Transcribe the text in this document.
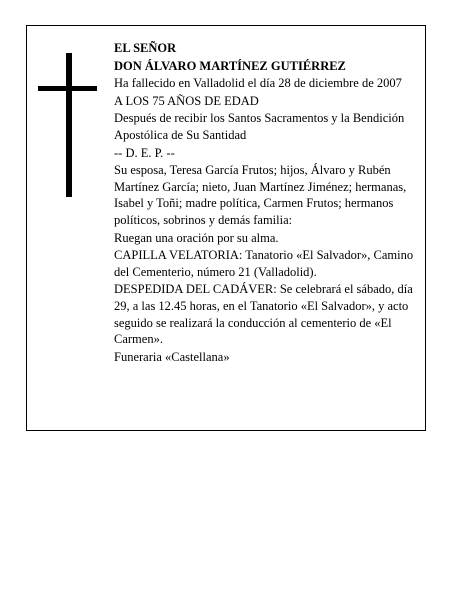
EL SEÑOR

DON ÁLVARO MARTÍNEZ GUTIÉRREZ

Ha fallecido en Valladolid el día 28 de diciembre de 2007

A LOS 75 AÑOS DE EDAD

Después de recibir los Santos Sacramentos y la Bendición Apostólica de Su Santidad

-- D. E. P. --

Su esposa, Teresa García Frutos; hijos, Álvaro y Rubén Martínez García; nieto, Juan Martínez Jiménez; hermanas, Isabel y Toñi; madre política, Carmen Frutos; hermanos políticos, sobrinos y demás familia:

Ruegan una oración por su alma.

CAPILLA VELATORIA: Tanatorio «El Salvador», Camino del Cementerio, número 21 (Valladolid).

DESPEDIDA DEL CADÁVER: Se celebrará el sábado, día 29, a las 12.45 horas, en el Tanatorio «El Salvador», y acto seguido se realizará la conducción al cementerio de «El Carmen».

Funeraria «Castellana»
